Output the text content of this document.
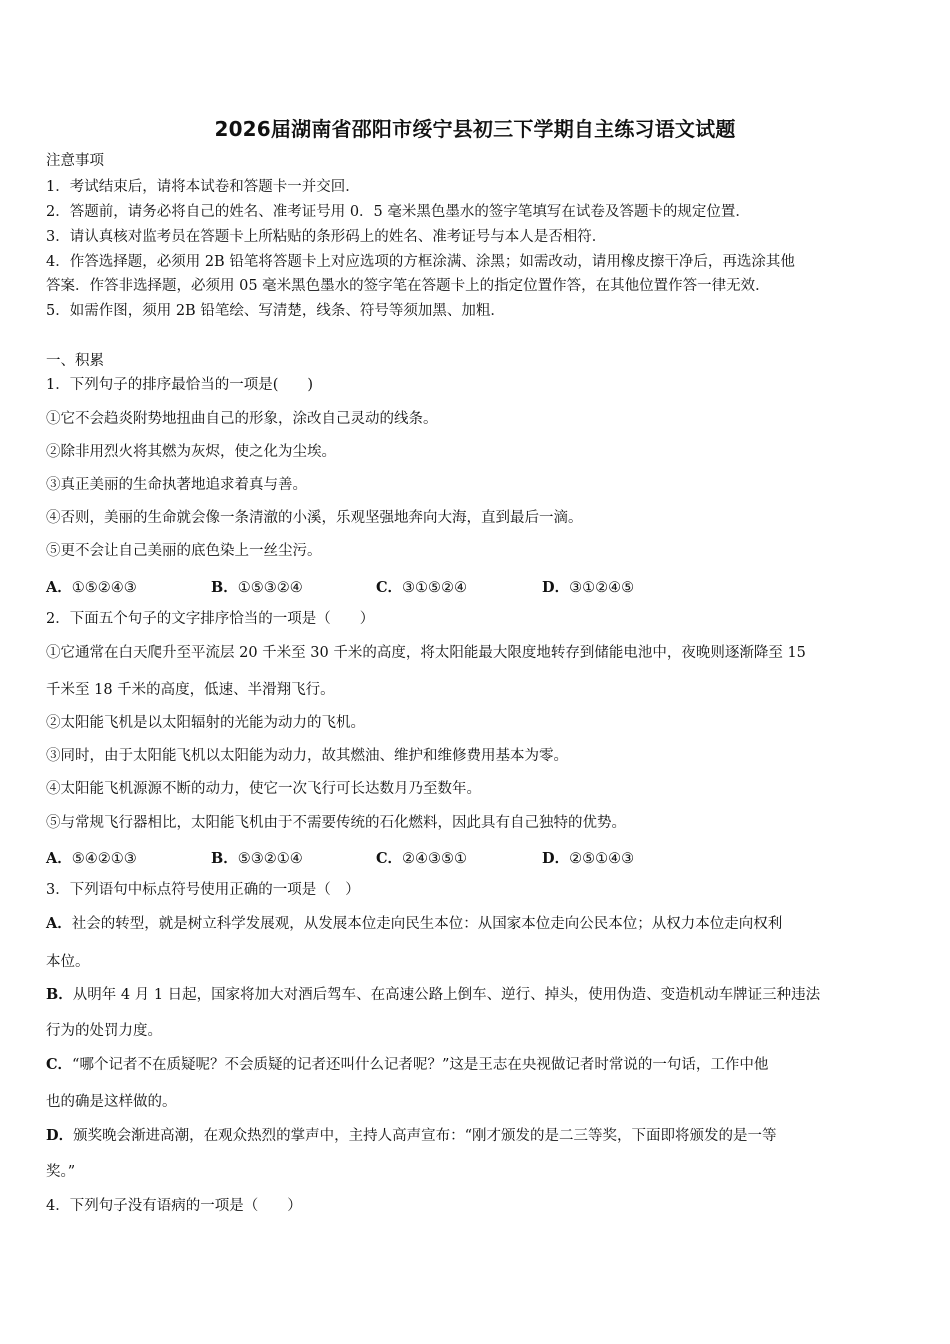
2026届湖南省邵阳市绥宁县初三下学期自主练习语文试题
注意事项
1．考试结束后，请将本试卷和答题卡一并交回．
2．答题前，请务必将自己的姓名、准考证号用 0．5 毫米黑色墨水的签字笔填写在试卷及答题卡的规定位置．
3．请认真核对监考员在答题卡上所粘贴的条形码上的姓名、准考证号与本人是否相符．
4．作答选择题，必须用 2B 铅笔将答题卡上对应选项的方框涂满、涂黑；如需改动，请用橡皮擦干净后，再选涂其他
答案．作答非选择题，必须用 05 毫米黑色墨水的签字笔在答题卡上的指定位置作答，在其他位置作答一律无效．
5．如需作图，须用 2B 铅笔绘、写清楚，线条、符号等须加黑、加粗．
一、积累
1．下列句子的排序最恰当的一项是(　　)
①它不会趋炎附势地扭曲自己的形象，涂改自己灵动的线条。
②除非用烈火将其燃为灰烬，使之化为尘埃。
③真正美丽的生命执著地追求着真与善。
④否则，美丽的生命就会像一条清澈的小溪，乐观坚强地奔向大海，直到最后一滴。
⑤更不会让自己美丽的底色染上一丝尘污。
A．①⑤②④③	B．①⑤③②④	C．③①⑤②④	D．③①②④⑤
2．下面五个句子的文字排序恰当的一项是（　　）
①它通常在白天爬升至平流层 20 千米至 30 千米的高度，将太阳能最大限度地转存到储能电池中，夜晚则逐渐降至 15
千米至 18 千米的高度，低速、半滑翔飞行。
②太阳能飞机是以太阳辐射的光能为动力的飞机。
③同时，由于太阳能飞机以太阳能为动力，故其燃油、维护和维修费用基本为零。
④太阳能飞机源源不断的动力，使它一次飞行可长达数月乃至数年。
⑤与常规飞行器相比，太阳能飞机由于不需要传统的石化燃料，因此具有自己独特的优势。
A．⑤④②①③	B．⑤③②①④	C．②④③⑤①	D．②⑤①④③
3．下列语句中标点符号使用正确的一项是（　）
A．社会的转型，就是树立科学发展观，从发展本位走向民生本位：从国家本位走向公民本位；从权力本位走向权利
本位。
B．从明年 4 月 1 日起，国家将加大对酒后驾车、在高速公路上倒车、逆行、掉头，使用伪造、变造机动车牌证三种违法
行为的处罚力度。
C．“哪个记者不在质疑呢？不会质疑的记者还叫什么记者呢？”这是王志在央视做记者时常说的一句话，工作中他
也的确是这样做的。
D．颁奖晚会渐进高潮，在观众热烈的掌声中，主持人高声宣布：“刚才颁发的是二三等奖，下面即将颁发的是一等
奖。”
4．下列句子没有语病的一项是（　　）
